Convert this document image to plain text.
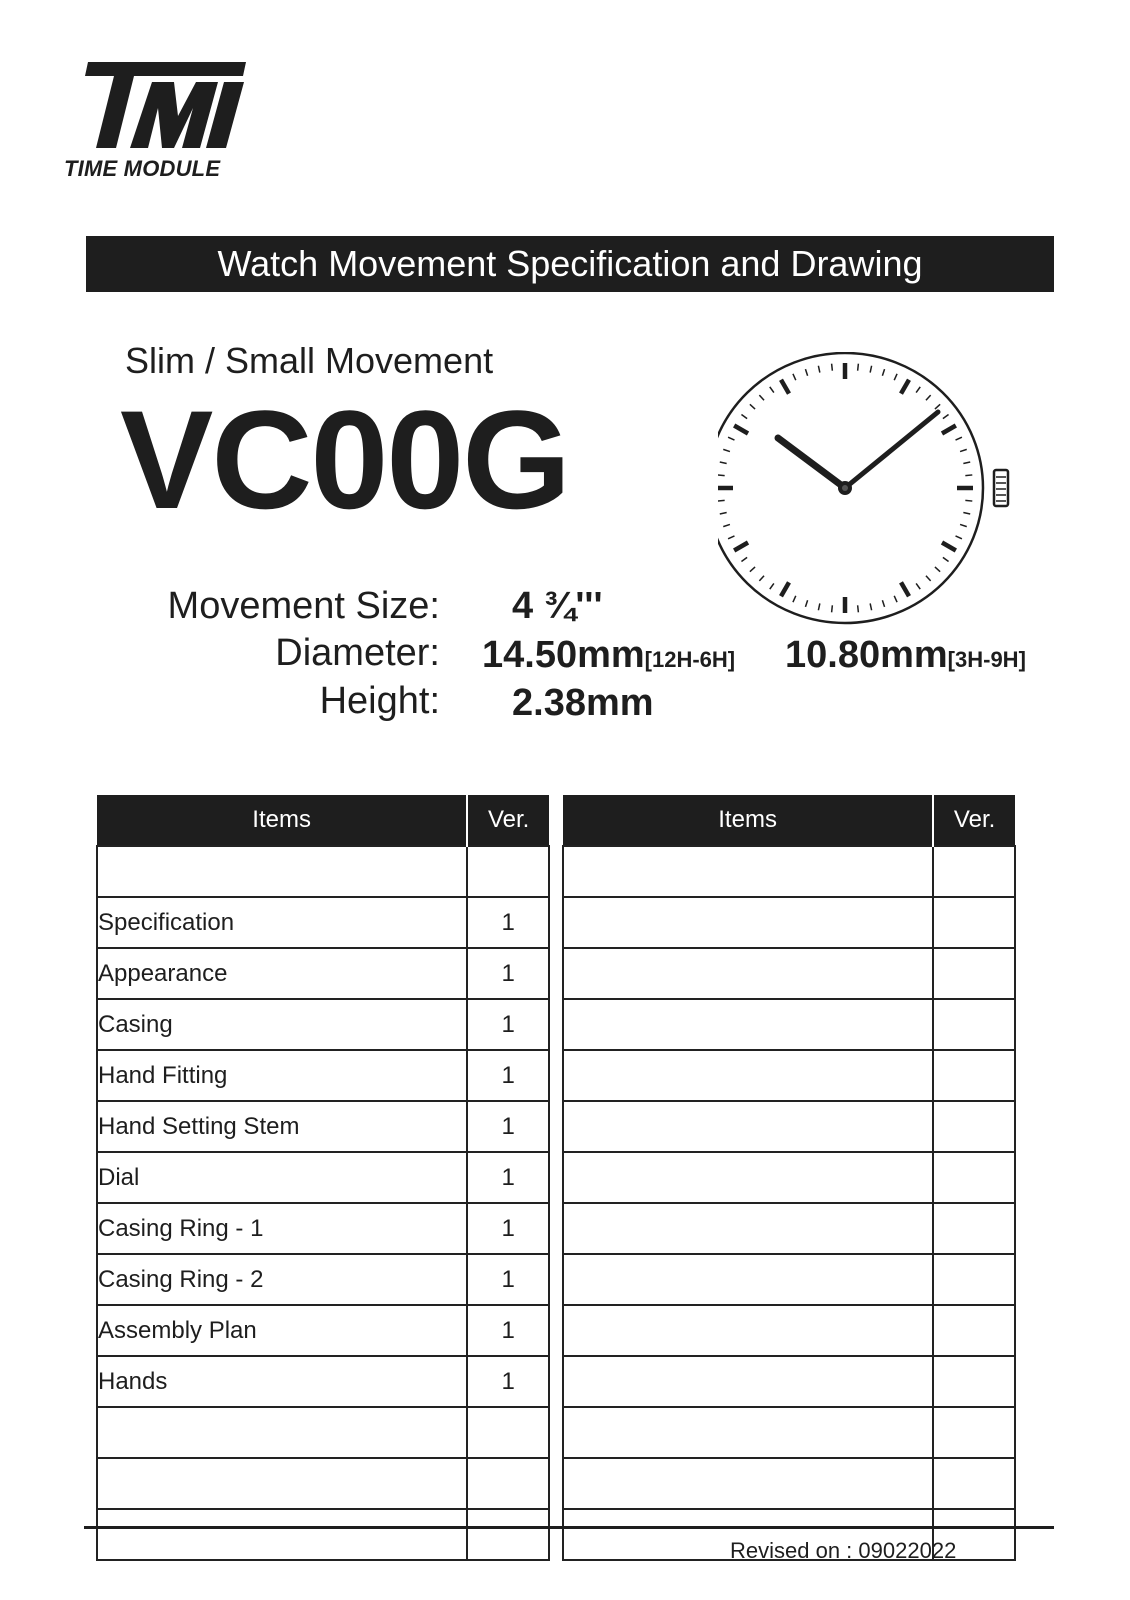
TIME MODULE
Watch Movement Specification and Drawing
Slim / Small Movement
VC00G
Movement Size: 4 ¾'''
Diameter: 14.50mm[12H-6H] 10.80mm[3H-9H]
Height: 2.38mm
Items	Ver.

Specification	1
Appearance	1
Casing	1
Hand Fitting	1
Hand Setting Stem	1
Dial	1
Casing Ring - 1	1
Casing Ring - 2	1
Assembly Plan	1
Hands	1

Items	Ver.

Revised on : 09022022
